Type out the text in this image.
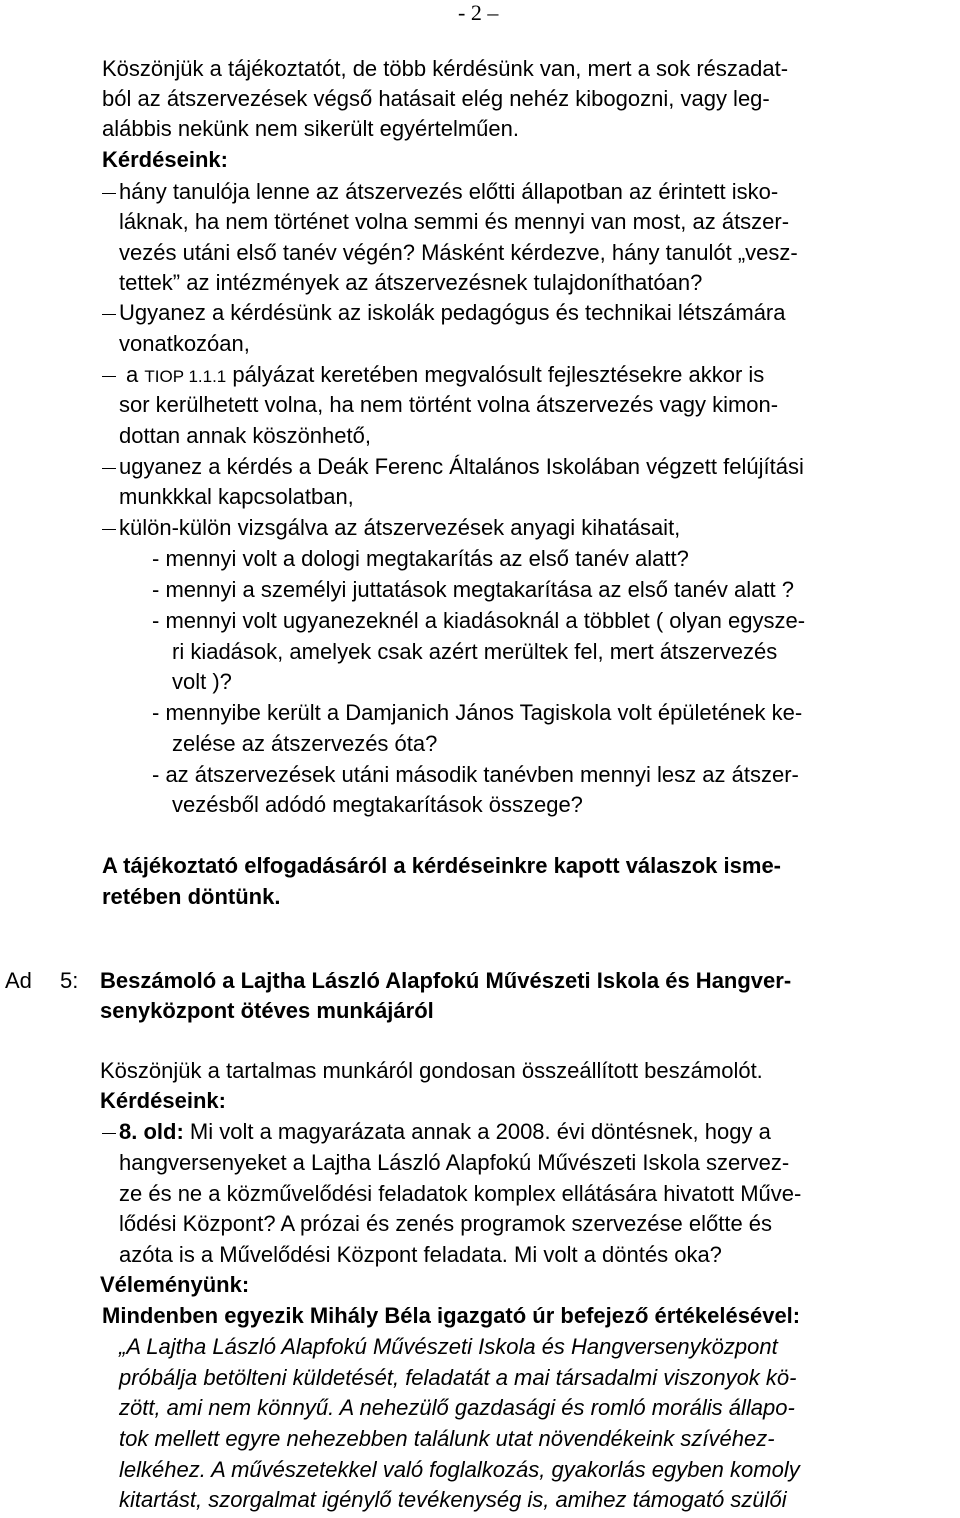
- 2 –
Köszönjük a tájékoztatót, de több kérdésünk van, mert a sok részadat-
ból az átszervezések végső hatásait elég nehéz kibogozni, vagy leg-
alábbis nekünk nem sikerült egyértelműen.
Kérdéseink:
hány tanulója lenne az átszervezés előtti állapotban az érintett isko-
láknak, ha nem történet volna semmi és mennyi van most, az átszer-
vezés utáni első tanév végén? Másként kérdezve, hány tanulót „vesz-
tettek” az intézmények az átszervezésnek tulajdoníthatóan?
Ugyanez a kérdésünk az iskolák pedagógus és technikai létszámára
vonatkozóan,
a TIOP 1.1.1 pályázat keretében megvalósult fejlesztésekre akkor is
sor kerülhetett volna, ha nem történt volna átszervezés vagy kimon-
dottan annak köszönhető,
ugyanez a kérdés a Deák Ferenc Általános Iskolában végzett felújítási
munkkkal kapcsolatban,
külön-külön vizsgálva az átszervezések anyagi kihatásait,
- mennyi volt a dologi megtakarítás az első tanév alatt?
- mennyi a személyi juttatások megtakarítása az első tanév alatt ?
- mennyi volt ugyanezeknél a kiadásoknál a többlet ( olyan egysze-
ri kiadások, amelyek csak azért merültek fel, mert átszervezés
volt )?
- mennyibe került a Damjanich János Tagiskola volt épületének ke-
zelése az átszervezés óta?
- az átszervezések utáni második tanévben mennyi lesz az átszer-
vezésből adódó megtakarítások összege?
A tájékoztató elfogadásáról a kérdéseinkre kapott válaszok isme-
retében döntünk.
Ad 5: Beszámoló a Lajtha László Alapfokú Művészeti Iskola és Hangver-
senyközpont ötéves munkájáról
Köszönjük a tartalmas munkáról gondosan összeállított beszámolót.
Kérdéseink:
8. old: Mi volt a magyarázata annak a 2008. évi döntésnek, hogy a
hangversenyeket a Lajtha László Alapfokú Művészeti Iskola szervez-
ze és ne a közművelődési feladatok komplex ellátására hivatott Műve-
lődési Központ? A prózai és zenés programok szervezése előtte és
azóta is a Művelődési Központ feladata. Mi volt a döntés oka?
Véleményünk:
Mindenben egyezik Mihály Béla igazgató úr befejező értékelésével:
„A Lajtha László Alapfokú Művészeti Iskola és Hangversenyközpont
próbálja betölteni küldetését, feladatát a mai társadalmi viszonyok kö-
zött, ami nem könnyű. A nehezülő gazdasági és romló morális állapo-
tok mellett egyre nehezebben találunk utat növendékeink szívéhez-
lelkéhez. A művészetekkel való foglalkozás, gyakorlás egyben komoly
kitartást, szorgalmat igénylő tevékenység is, amihez támogató szülői
